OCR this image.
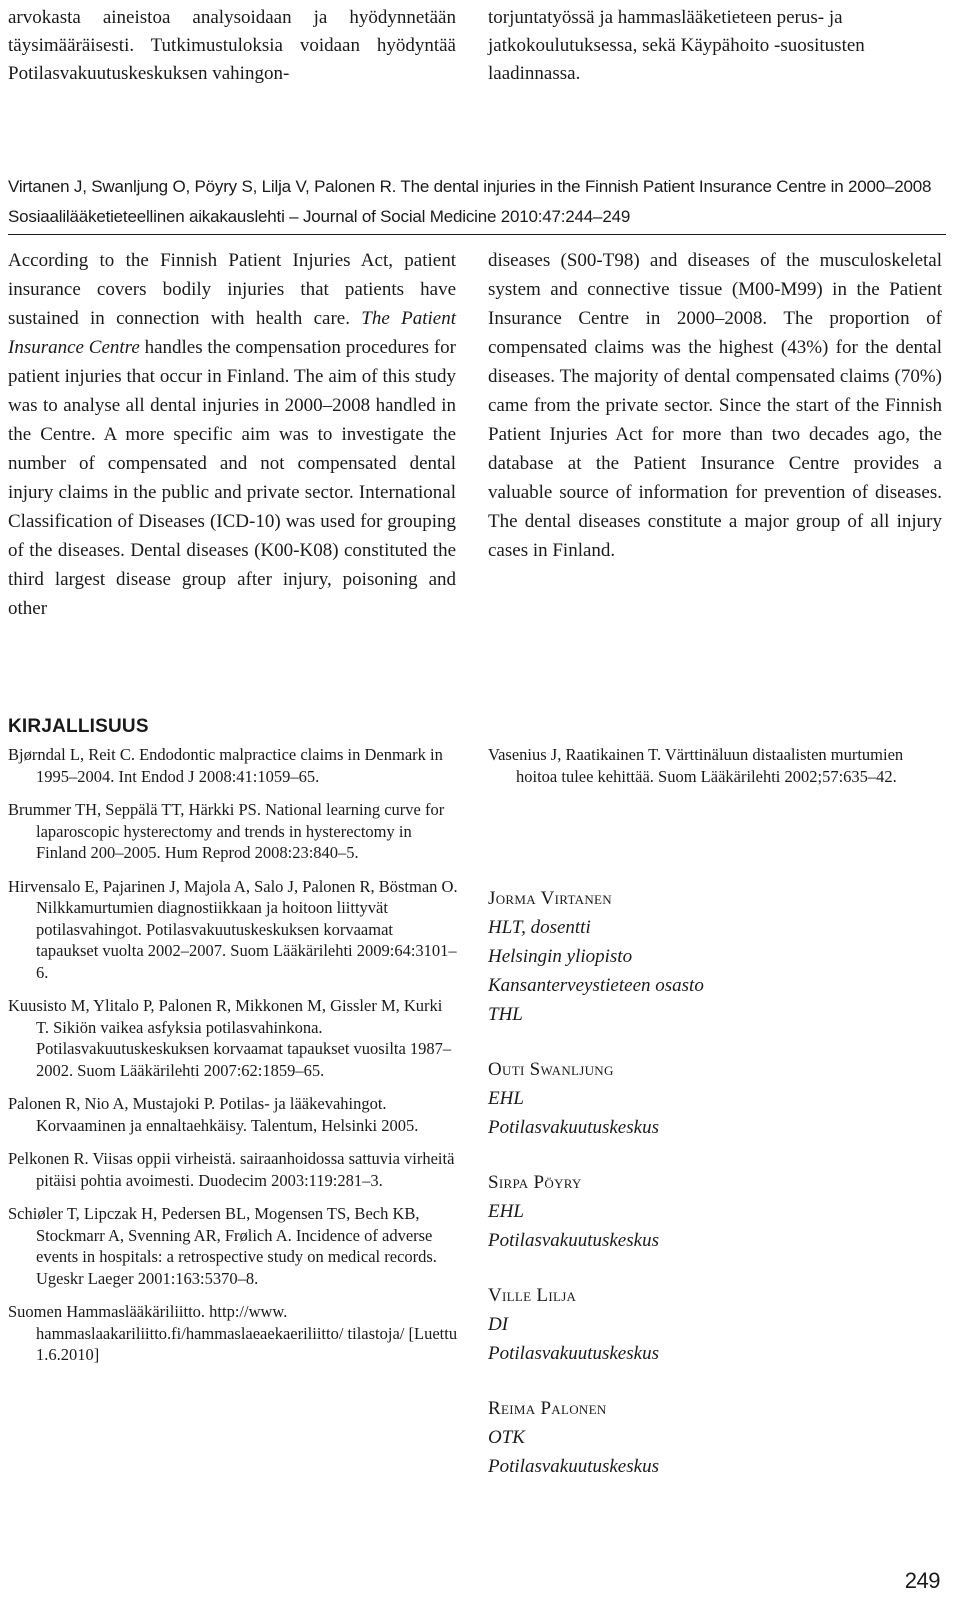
arvokasta aineistoa analysoidaan ja hyödynnetään täysimääräisesti. Tutkimustuloksia voidaan hyödyntää Potilasvakuutuskeskuksen vahingon-

torjuntatyössä ja hammaslääketieteen perus- ja jatkokoulutuksessa, sekä Käypähoito -suositusten laadinnassa.

Virtanen J, Swanljung O, Pöyry S, Lilja V, Palonen R. The dental injuries in the Finnish Patient Insurance Centre in 2000–2008
Sosiaalilääketieteellinen aikakauslehti – Journal of Social Medicine 2010:47:244–249

According to the Finnish Patient Injuries Act, patient insurance covers bodily injuries that patients have sustained in connection with health care. The Patient Insurance Centre handles the compensation procedures for patient injuries that occur in Finland. The aim of this study was to analyse all dental injuries in 2000–2008 handled in the Centre. A more specific aim was to investigate the number of compensated and not compensated dental injury claims in the public and private sector. International Classification of Diseases (ICD-10) was used for grouping of the diseases. Dental diseases (K00-K08) constituted the third largest disease group after injury, poisoning and other

diseases (S00-T98) and diseases of the musculoskeletal system and connective tissue (M00-M99) in the Patient Insurance Centre in 2000–2008. The proportion of compensated claims was the highest (43%) for the dental diseases. The majority of dental compensated claims (70%) came from the private sector. Since the start of the Finnish Patient Injuries Act for more than two decades ago, the database at the Patient Insurance Centre provides a valuable source of information for prevention of diseases. The dental diseases constitute a major group of all injury cases in Finland.

KIRJALLISUUS

Bjørndal L, Reit C. Endodontic malpractice claims in Denmark in 1995–2004. Int Endod J 2008:41:1059–65.

Brummer TH, Seppälä TT, Härkki PS. National learning curve for laparoscopic hysterectomy and trends in hysterectomy in Finland 200–2005. Hum Reprod 2008:23:840–5.

Hirvensalo E, Pajarinen J, Majola A, Salo J, Palonen R, Böstman O. Nilkkamurtumien diagnostiikkaan ja hoitoon liittyvät potilasvahingot. Potilasvakuutuskeskuksen korvaamat tapaukset vuolta 2002–2007. Suom Lääkärilehti 2009:64:3101–6.

Kuusisto M, Ylitalo P, Palonen R, Mikkonen M, Gissler M, Kurki T. Sikiön vaikea asfyksia potilasvahinkona. Potilasvakuutuskeskuksen korvaamat tapaukset vuosilta 1987–2002. Suom Lääkärilehti 2007:62:1859–65.

Palonen R, Nio A, Mustajoki P. Potilas- ja lääkevahingot. Korvaaminen ja ennaltaehkäisy. Talentum, Helsinki 2005.

Pelkonen R. Viisas oppii virheistä. sairaanhoidossa sattuvia virheitä pitäisi pohtia avoimesti. Duodecim 2003:119:281–3.

Schiøler T, Lipczak H, Pedersen BL, Mogensen TS, Bech KB, Stockmarr A, Svenning AR, Frølich A. Incidence of adverse events in hospitals: a retrospective study on medical records. Ugeskr Laeger 2001:163:5370–8.

Suomen Hammaslääkäriliitto. http://www. hammaslaakariliitto.fi/hammaslaeaekaeriliitto/ tilastoja/ [Luettu 1.6.2010]

Vasenius J, Raatikainen T. Värttinäluun distaalisten murtumien hoitoa tulee kehittää. Suom Lääkärilehti 2002;57:635–42.

Jorma Virtanen
HLT, dosentti
Helsingin yliopisto
Kansanterveystieteen osasto
THL
Outi Swanljung
EHL
Potilasvakuutuskeskus
Sirpa Pöyry
EHL
Potilasvakuutuskeskus
Ville Lilja
DI
Potilasvakuutuskeskus
Reima Palonen
OTK
Potilasvakuutuskeskus
249
